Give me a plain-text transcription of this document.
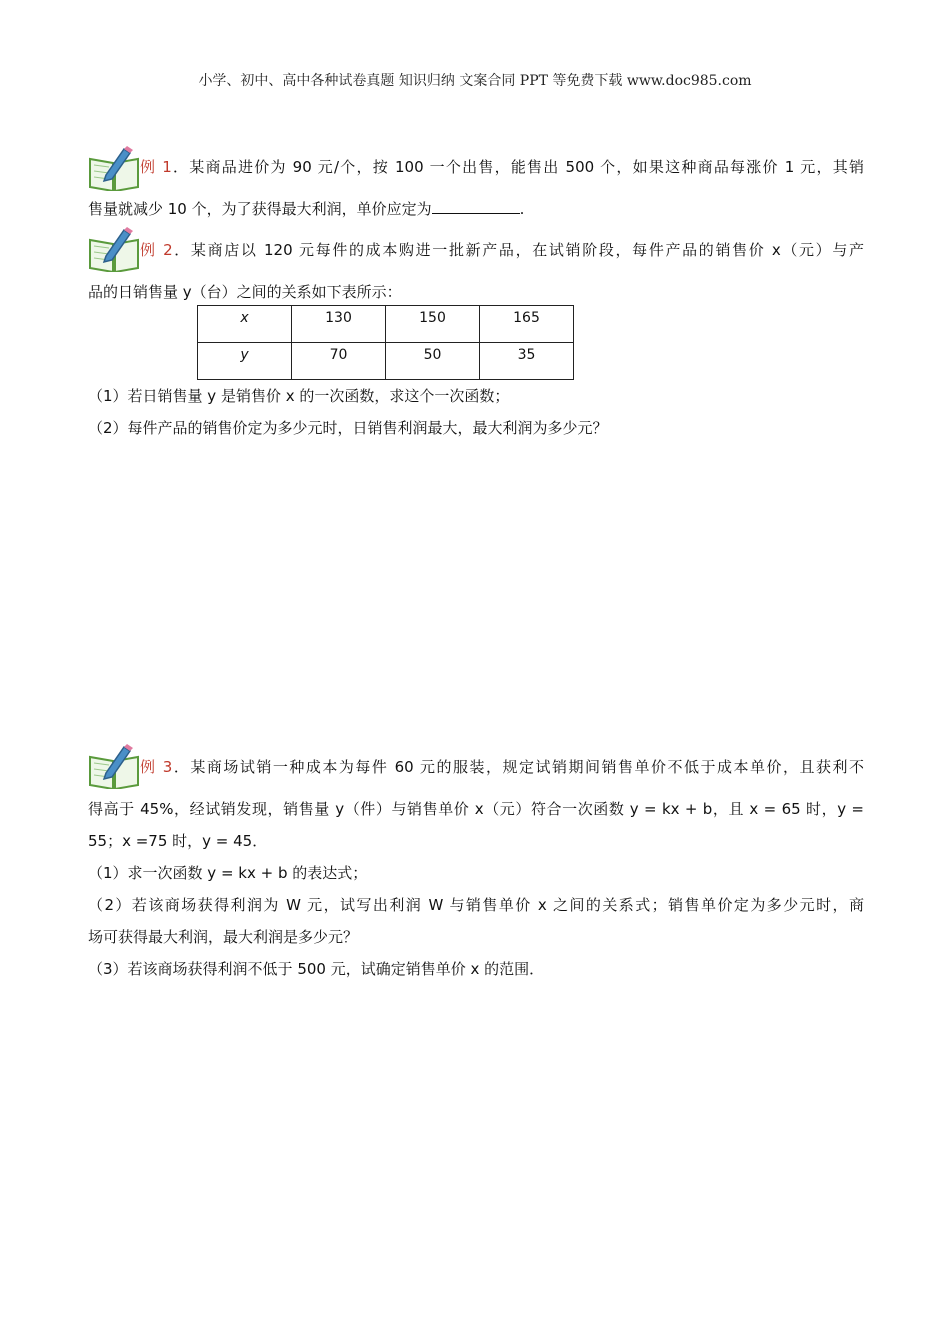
小学、初中、高中各种试卷真题 知识归纳 文案合同 PPT 等免费下载 www.doc985.com
例 1．某商品进价为 90 元/个，按 100 一个出售，能售出 500 个，如果这种商品每涨价 1 元，其销
售量就减少 10 个，为了获得最大利润，单价应定为	.
例 2．某商店以 120 元每件的成本购进一批新产品，在试销阶段，每件产品的销售价 x（元）与产
品的日销售量 y（台）之间的关系如下表所示：
x	130	150	165
y	70	50	35
（1）若日销售量 y 是销售价 x 的一次函数，求这个一次函数；
（2）每件产品的销售价定为多少元时，日销售利润最大，最大利润为多少元？
例 3．某商场试销一种成本为每件 60 元的服装，规定试销期间销售单价不低于成本单价，且获利不
得高于 45%，经试销发现，销售量 y（件）与销售单价 x（元）符合一次函数 y = kx + b，且 x = 65 时，y =
55；x =75 时，y = 45．
（1）求一次函数 y = kx + b 的表达式；
（2）若该商场获得利润为 W 元，试写出利润 W 与销售单价 x 之间的关系式；销售单价定为多少元时，商
场可获得最大利润，最大利润是多少元？
（3）若该商场获得利润不低于 500 元，试确定销售单价 x 的范围．
